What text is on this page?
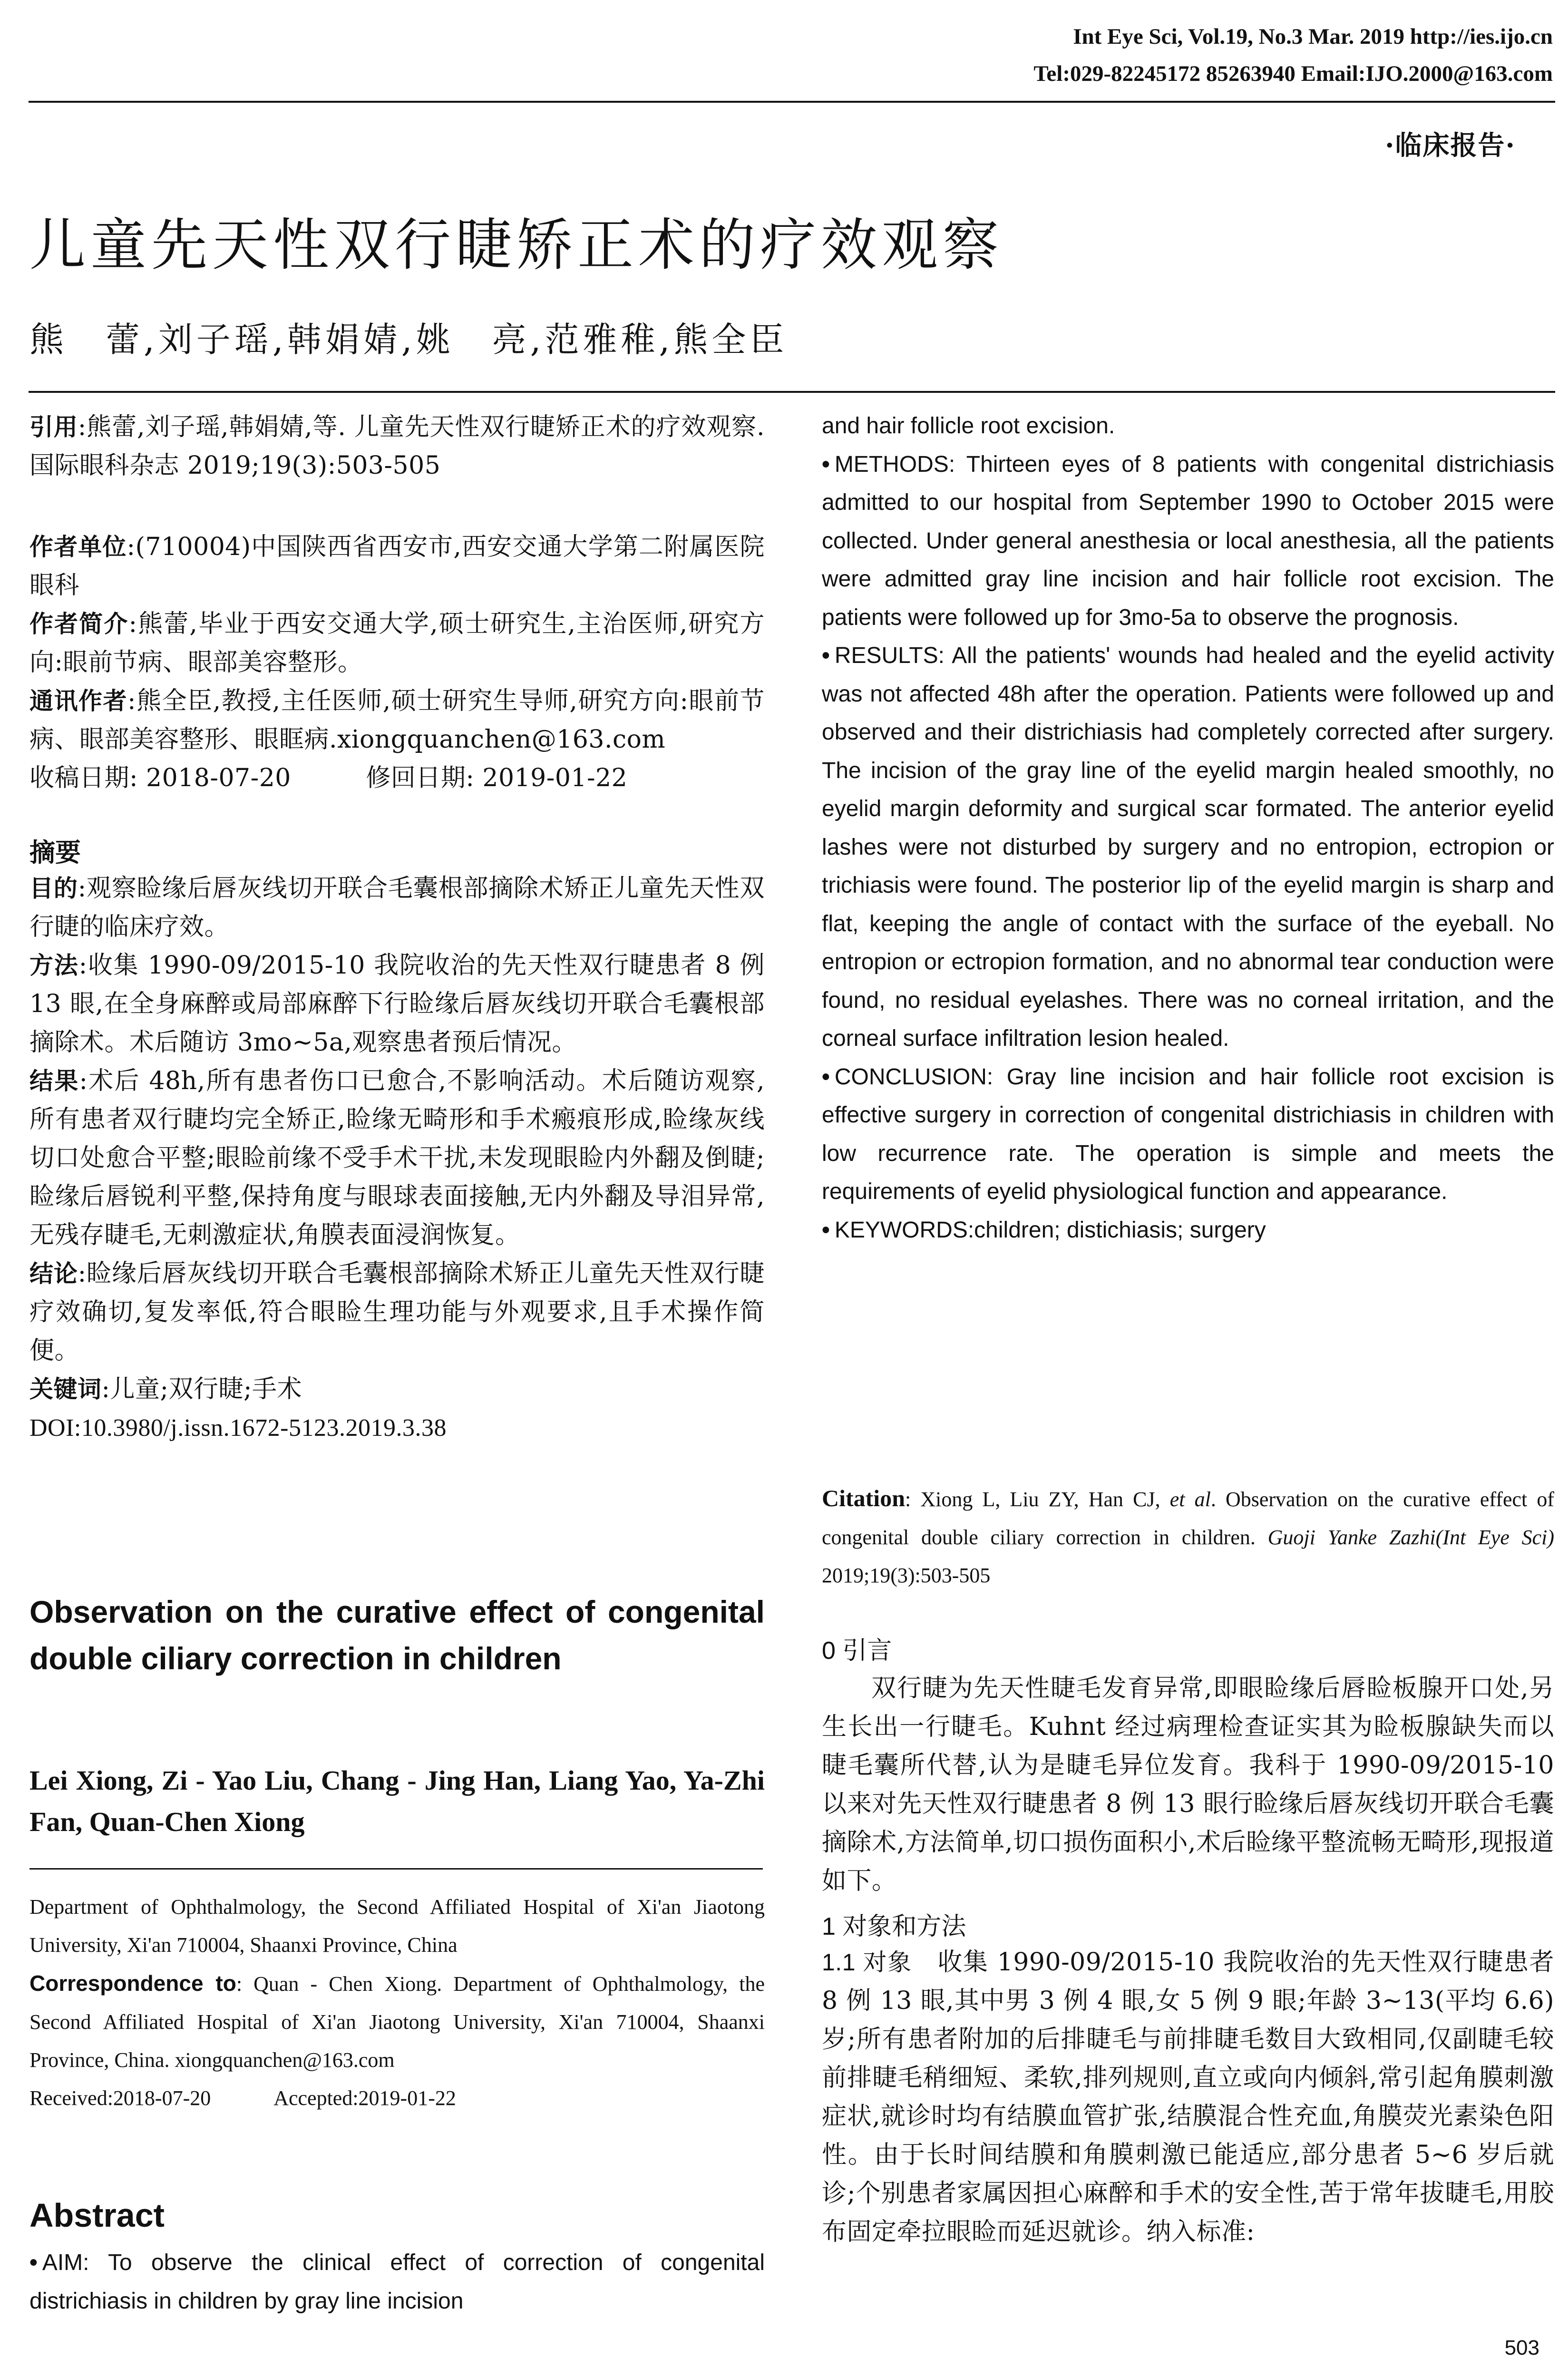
Int Eye Sci, Vol.19, No.3 Mar. 2019 http://ies.ijo.cn
Tel:029-82245172 85263940 Email:IJO.2000@163.com
·临床报告·
儿童先天性双行睫矫正术的疗效观察
熊　蕾,刘子瑶,韩娟婧,姚　亮,范雅稚,熊全臣
引用:熊蕾,刘子瑶,韩娟婧,等. 儿童先天性双行睫矫正术的疗效观察.国际眼科杂志 2019;19(3):503-505

作者单位:(710004)中国陕西省西安市,西安交通大学第二附属医院眼科

作者简介:熊蕾,毕业于西安交通大学,硕士研究生,主治医师,研究方向:眼前节病、眼部美容整形。

通讯作者:熊全臣,教授,主任医师,硕士研究生导师,研究方向:眼前节病、眼部美容整形、眼眶病.xiongquanchen@163.com

收稿日期: 2018-07-20　　　修回日期: 2019-01-22

摘要

目的:观察睑缘后唇灰线切开联合毛囊根部摘除术矫正儿童先天性双行睫的临床疗效。

方法:收集 1990-09/2015-10 我院收治的先天性双行睫患者 8 例 13 眼,在全身麻醉或局部麻醉下行睑缘后唇灰线切开联合毛囊根部摘除术。术后随访 3mo~5a,观察患者预后情况。

结果:术后 48h,所有患者伤口已愈合,不影响活动。术后随访观察,所有患者双行睫均完全矫正,睑缘无畸形和手术瘢痕形成,睑缘灰线切口处愈合平整;眼睑前缘不受手术干扰,未发现眼睑内外翻及倒睫;睑缘后唇锐利平整,保持角度与眼球表面接触,无内外翻及导泪异常,无残存睫毛,无刺激症状,角膜表面浸润恢复。

结论:睑缘后唇灰线切开联合毛囊根部摘除术矫正儿童先天性双行睫疗效确切,复发率低,符合眼睑生理功能与外观要求,且手术操作简便。

关键词:儿童;双行睫;手术

DOI:10.3980/j.issn.1672-5123.2019.3.38

Observation on the curative effect of congenital double ciliary correction in children
Lei Xiong, Zi - Yao Liu, Chang - Jing Han, Liang Yao, Ya-Zhi Fan, Quan-Chen Xiong

Department of Ophthalmology, the Second Affiliated Hospital of Xi'an Jiaotong University, Xi'an 710004, Shaanxi Province, China

Correspondence to: Quan - Chen Xiong. Department of Ophthalmology, the Second Affiliated Hospital of Xi'an Jiaotong University, Xi'an 710004, Shaanxi Province, China. xiongquanchen@163.com

Received:2018-07-20　　　Accepted:2019-01-22

Abstract

• AIM: To observe the clinical effect of correction of congenital districhiasis in children by gray line incision

and hair follicle root excision.

• METHODS: Thirteen eyes of 8 patients with congenital districhiasis admitted to our hospital from September 1990 to October 2015 were collected. Under general anesthesia or local anesthesia, all the patients were admitted gray line incision and hair follicle root excision. The patients were followed up for 3mo-5a to observe the prognosis.

• RESULTS: All the patients' wounds had healed and the eyelid activity was not affected 48h after the operation. Patients were followed up and observed and their districhiasis had completely corrected after surgery. The incision of the gray line of the eyelid margin healed smoothly, no eyelid margin deformity and surgical scar formated. The anterior eyelid lashes were not disturbed by surgery and no entropion, ectropion or trichiasis were found. The posterior lip of the eyelid margin is sharp and flat, keeping the angle of contact with the surface of the eyeball. No entropion or ectropion formation, and no abnormal tear conduction were found, no residual eyelashes. There was no corneal irritation, and the corneal surface infiltration lesion healed.

• CONCLUSION: Gray line incision and hair follicle root excision is effective surgery in correction of congenital districhiasis in children with low recurrence rate. The operation is simple and meets the requirements of eyelid physiological function and appearance.

• KEYWORDS:children; distichiasis; surgery

Citation: Xiong L, Liu ZY, Han CJ, et al. Observation on the curative effect of congenital double ciliary correction in children. Guoji Yanke Zazhi(Int Eye Sci) 2019;19(3):503-505
0 引言
双行睫为先天性睫毛发育异常,即眼睑缘后唇睑板腺开口处,另生长出一行睫毛。Kuhnt 经过病理检查证实其为睑板腺缺失而以睫毛囊所代替,认为是睫毛异位发育。我科于 1990-09/2015-10 以来对先天性双行睫患者 8 例 13 眼行睑缘后唇灰线切开联合毛囊摘除术,方法简单,切口损伤面积小,术后睑缘平整流畅无畸形,现报道如下。
1 对象和方法
1.1 对象　收集 1990-09/2015-10 我院收治的先天性双行睫患者 8 例 13 眼,其中男 3 例 4 眼,女 5 例 9 眼;年龄 3~13(平均 6.6)岁;所有患者附加的后排睫毛与前排睫毛数目大致相同,仅副睫毛较前排睫毛稍细短、柔软,排列规则,直立或向内倾斜,常引起角膜刺激症状,就诊时均有结膜血管扩张,结膜混合性充血,角膜荧光素染色阳性。由于长时间结膜和角膜刺激已能适应,部分患者 5~6 岁后就诊;个别患者家属因担心麻醉和手术的安全性,苦于常年拔睫毛,用胶布固定牵拉眼睑而延迟就诊。纳入标准:
503
